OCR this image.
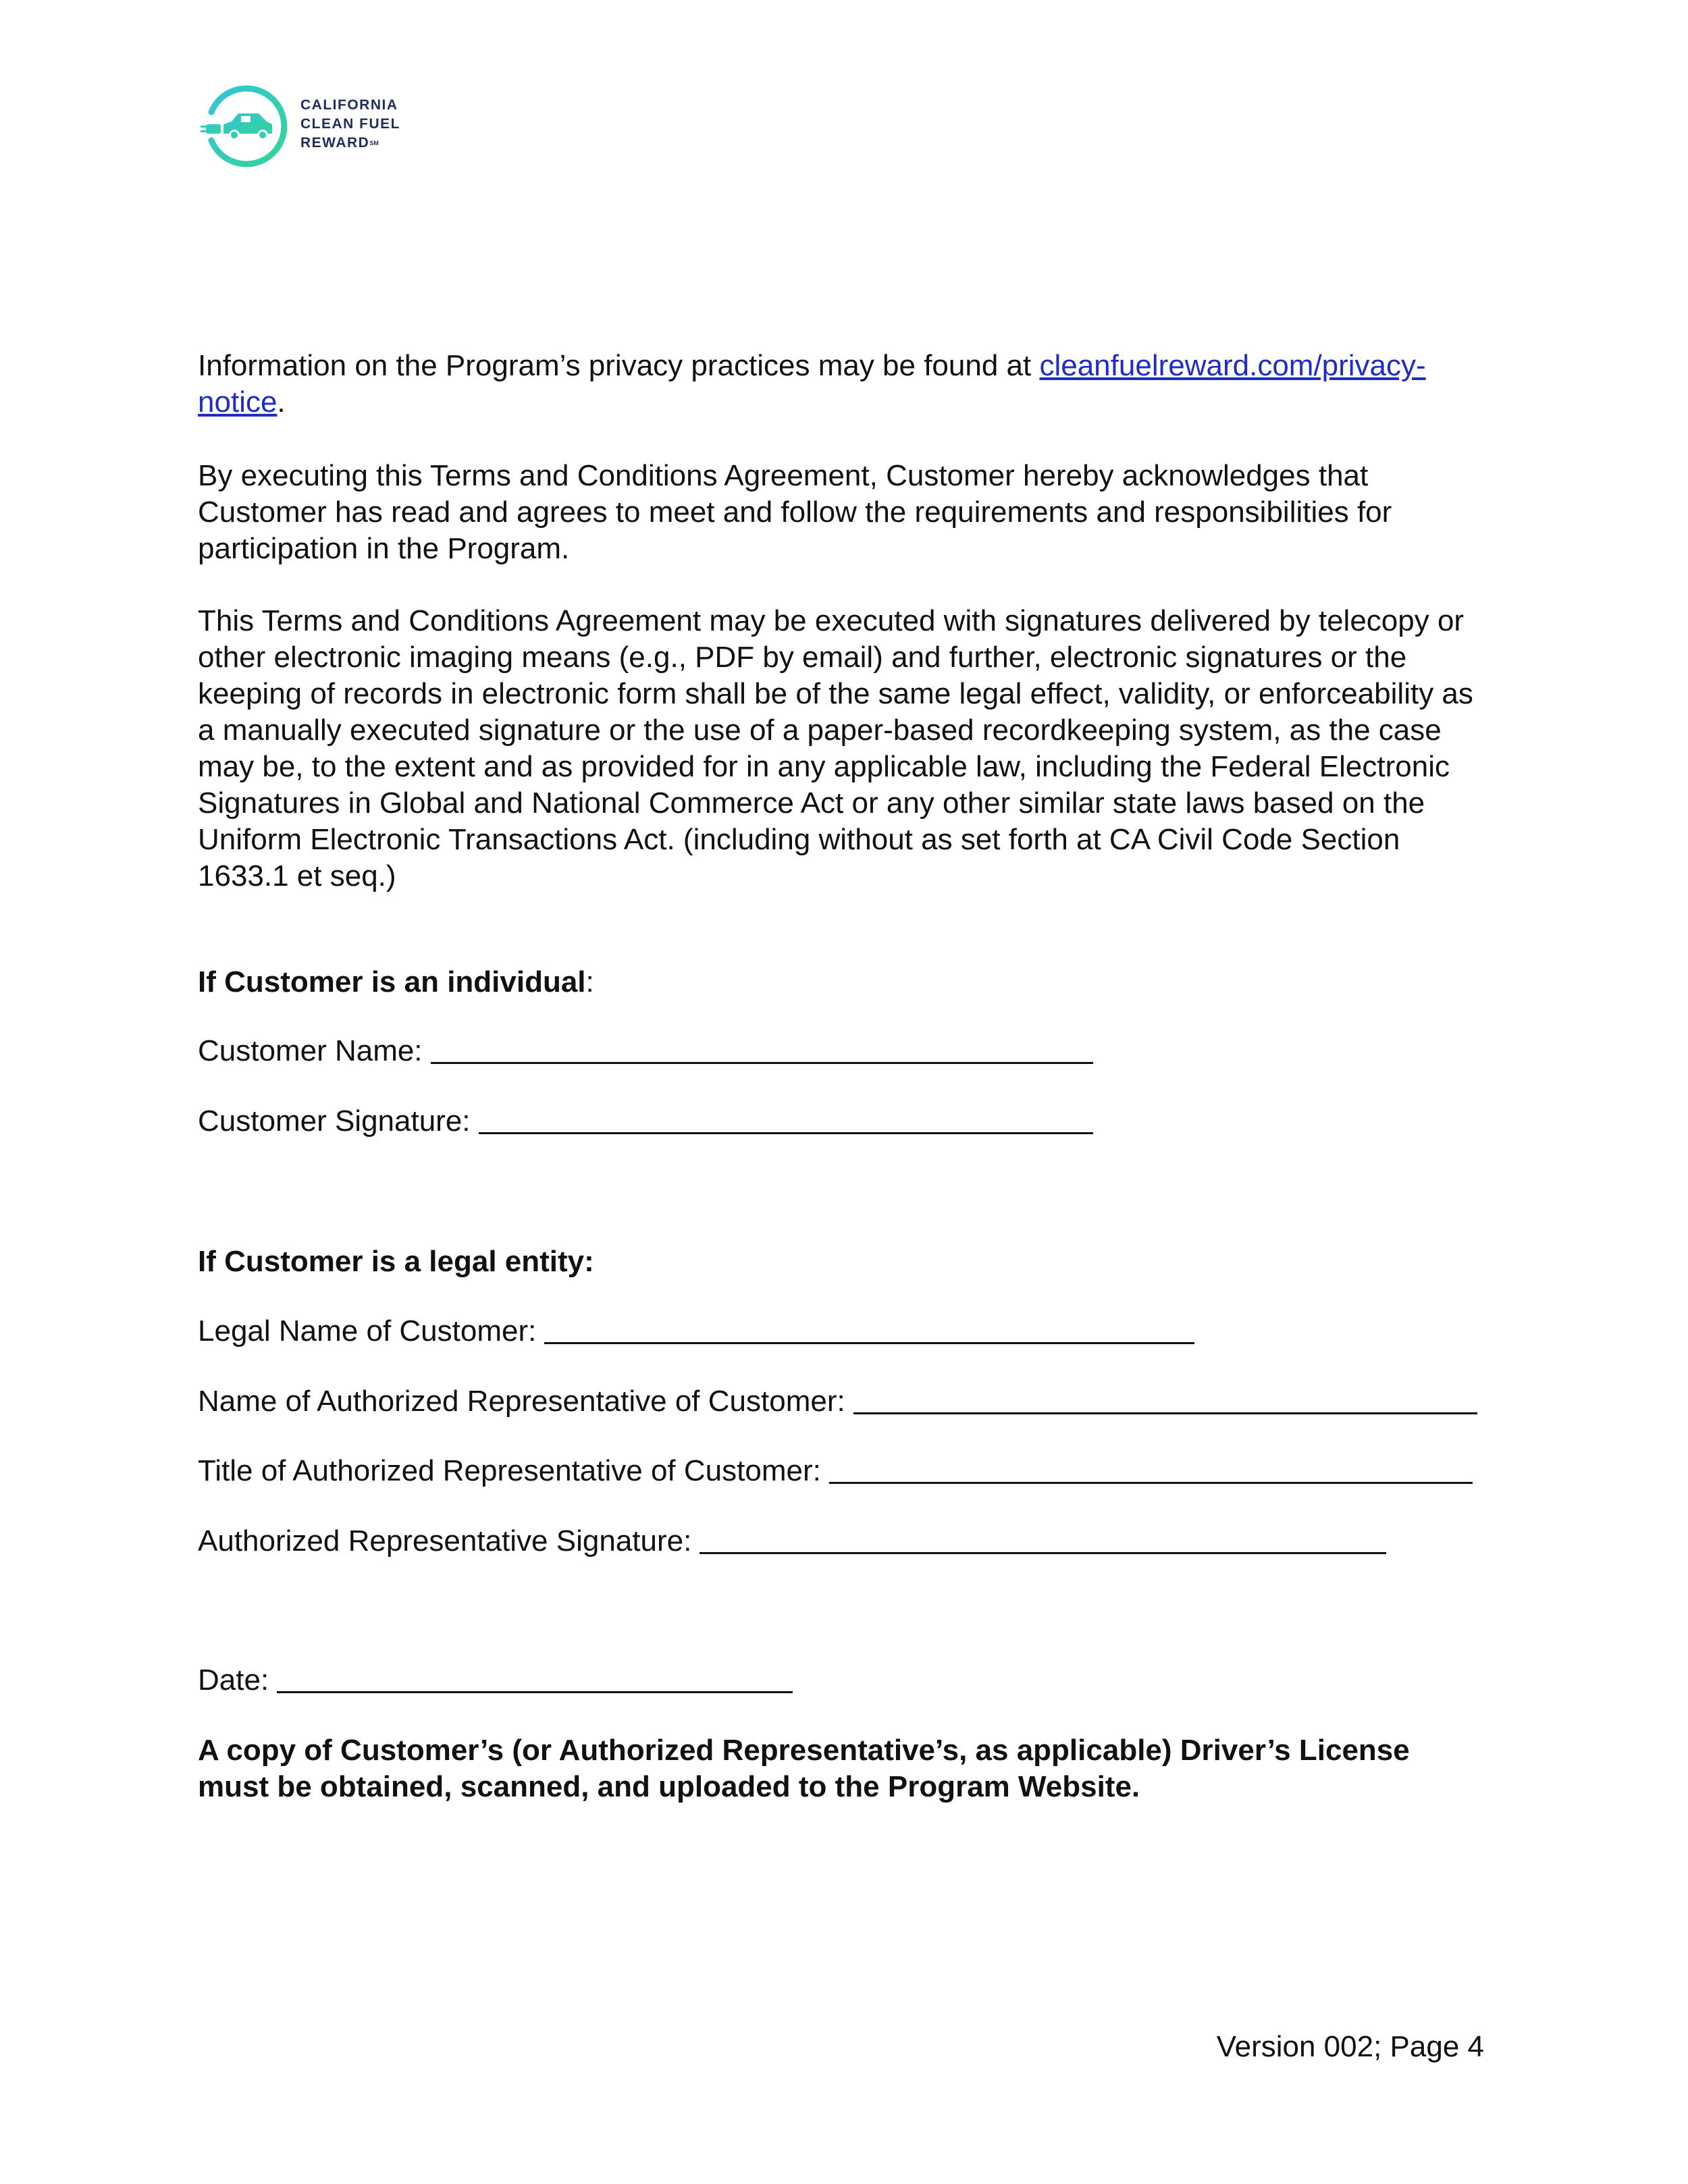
CALIFORNIA
CLEAN FUEL
REWARD℠

Information on the Program’s privacy practices may be found at cleanfuelreward.com/privacy-notice.

By executing this Terms and Conditions Agreement, Customer hereby acknowledges that Customer has read and agrees to meet and follow the requirements and responsibilities for participation in the Program.

This Terms and Conditions Agreement may be executed with signatures delivered by telecopy or other electronic imaging means (e.g., PDF by email) and further, electronic signatures or the keeping of records in electronic form shall be of the same legal effect, validity, or enforceability as a manually executed signature or the use of a paper-based recordkeeping system, as the case may be, to the extent and as provided for in any applicable law, including the Federal Electronic Signatures in Global and National Commerce Act or any other similar state laws based on the Uniform Electronic Transactions Act. (including without as set forth at CA Civil Code Section 1633.1 et seq.)

If Customer is an individual:

Customer Name:
Customer Signature:

If Customer is a legal entity:

Legal Name of Customer:
Name of Authorized Representative of Customer:
Title of Authorized Representative of Customer:
Authorized Representative Signature:
Date:

A copy of Customer’s (or Authorized Representative’s, as applicable) Driver’s License must be obtained, scanned, and uploaded to the Program Website.

Version 002; Page 4
